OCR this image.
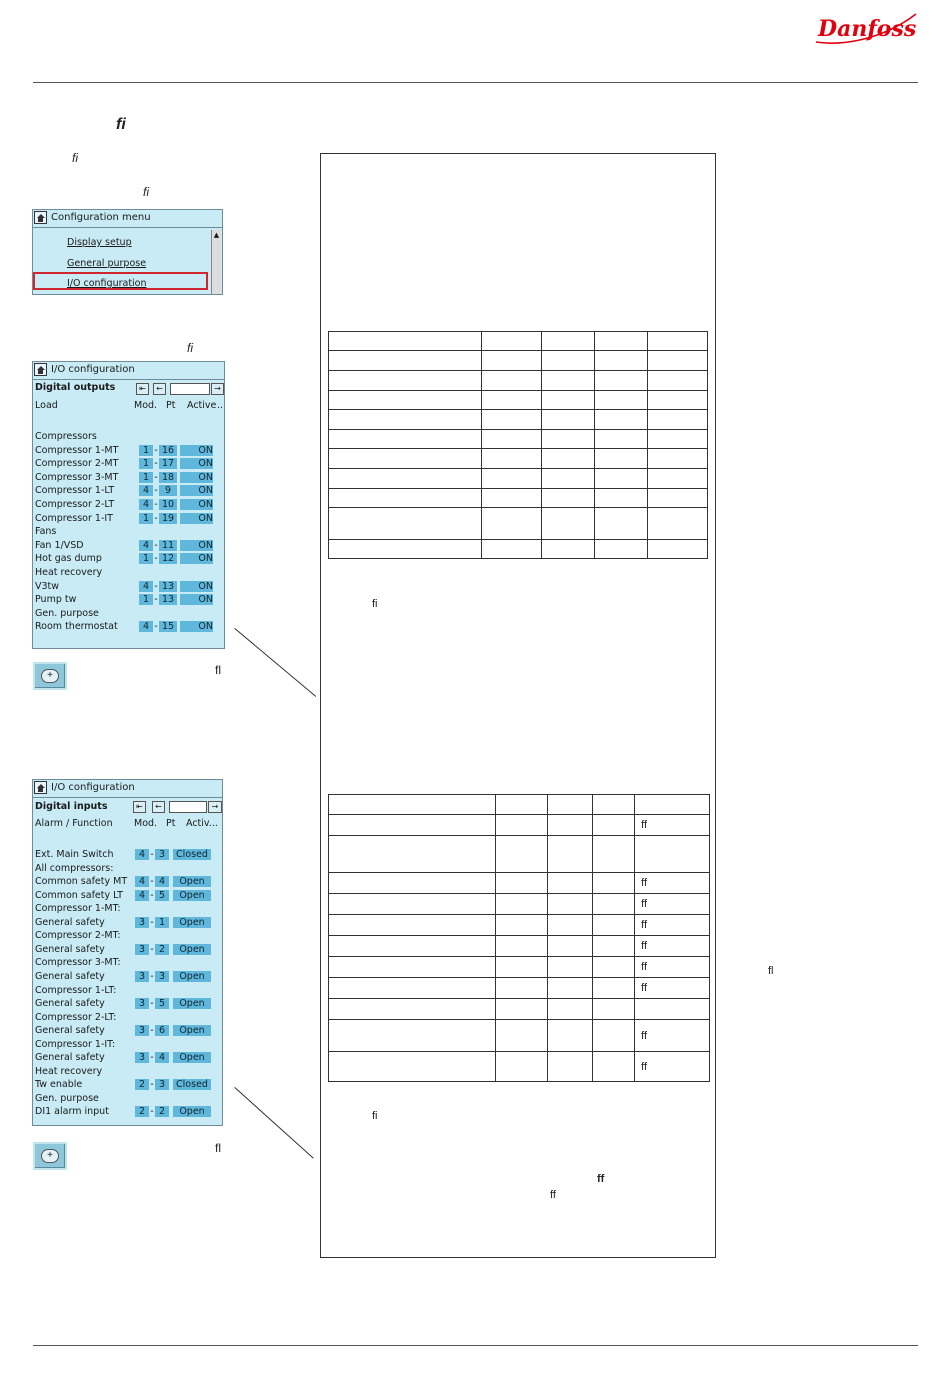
Danfoss
fi
fi
fi
fi
fl
fl
fl
Configuration menu
▲
Display setup
General purpose
I/O configuration
I/O configuration
Digital outputs	⇤	←	→
Load	Mod. Pt Active ..
Compressors
Compressor 1-MT	1 - 16	ON
Compressor 2-MT	1 - 17	ON
Compressor 3-MT	1 - 18	ON
Compressor 1-LT	4 - 9	ON
Compressor 2-LT	4 - 10	ON
Compressor 1-IT	1 - 19	ON
Fans
Fan 1/VSD	4 - 11	ON
Hot gas dump	1 - 12	ON
Heat recovery
V3tw	4 - 13	ON
Pump tw	1 - 13	ON
Gen. purpose
Room thermostat	4 - 15	ON
+
I/O configuration
Digital inputs	⇤	←	→
Alarm / Function Mod. Pt Activ...
Ext. Main Switch	4 - 3	Closed
All compressors:
Common safety MT	4 - 4	Open
Common safety LT	4 - 5	Open
Compressor 1-MT:
General safety	3 - 1	Open
Compressor 2-MT:
General safety	3 - 2	Open
Compressor 3-MT:
General safety	3 - 3	Open
Compressor 1-LT:
General safety	3 - 5	Open
Compressor 2-LT:
General safety	3 - 6	Open
Compressor 1-IT:
General safety	3 - 4	Open
Heat recovery
Tw enable	2 - 3	Closed
Gen. purpose
DI1 alarm input	2 - 2	Open
+

fi

				ff

				ff
				ff
				ff
				ff
				ff
				ff

				ff
				ff
fi
ff
ff
